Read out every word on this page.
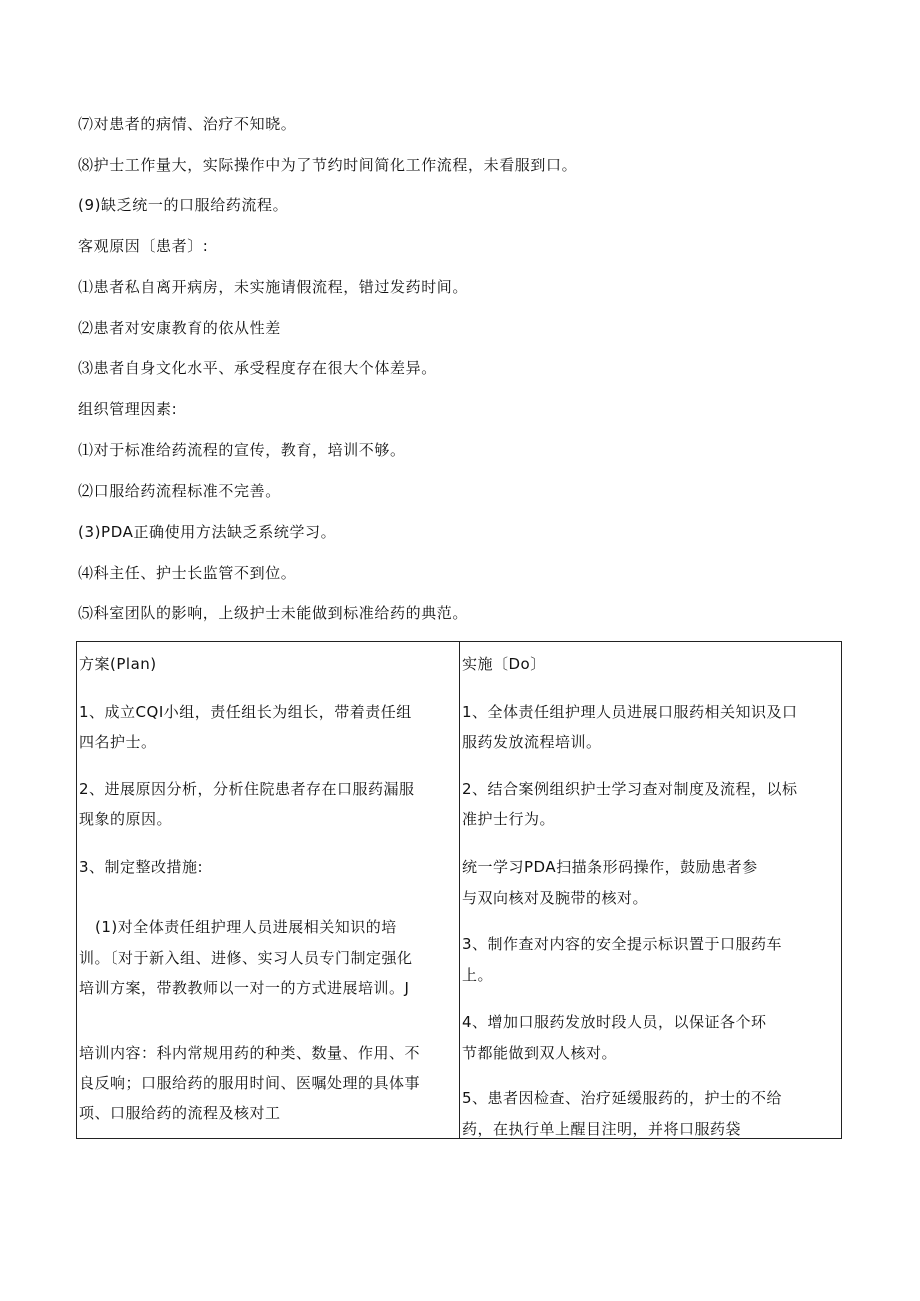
⑺对患者的病情、治疗不知晓。
⑻护士工作量大，实际操作中为了节约时间简化工作流程，未看服到口。
(9)缺乏统一的口服给药流程。
客观原因〔患者〕:
⑴患者私自离开病房，未实施请假流程，错过发药时间。
⑵患者对安康教育的依从性差
⑶患者自身文化水平、承受程度存在很大个体差异。
组织管理因素:
⑴对于标准给药流程的宣传，教育，培训不够。
⑵口服给药流程标准不完善。
(3)PDA正确使用方法缺乏系统学习。
⑷科主任、护士长监管不到位。
⑸科室团队的影响，上级护士未能做到标准给药的典范。
方案(Plan)
1、成立CQI小组，责任组长为组长，带着责任组
四名护士。
2、进展原因分析，分析住院患者存在口服药漏服
现象的原因。
3、制定整改措施:
(1)对全体责任组护理人员进展相关知识的培
训。〔对于新入组、进修、实习人员专门制定强化
培训方案，带教教师以一对一的方式进展培训。J
培训内容：科内常规用药的种类、数量、作用、不
良反响；口服给药的服用时间、医嘱处理的具体事
项、口服给药的流程及核对工
实施〔Do〕
1、全体责任组护理人员进展口服药相关知识及口
服药发放流程培训。
2、结合案例组织护士学习查对制度及流程，以标
准护士行为。
统一学习PDA扫描条形码操作，鼓励患者参
与双向核对及腕带的核对。
3、制作查对内容的安全提示标识置于口服药车
上。
4、增加口服药发放时段人员，以保证各个环
节都能做到双人核对。
5、患者因检查、治疗延缓服药的，护士的不给
药，在执行单上醒目注明，并将口服药袋
